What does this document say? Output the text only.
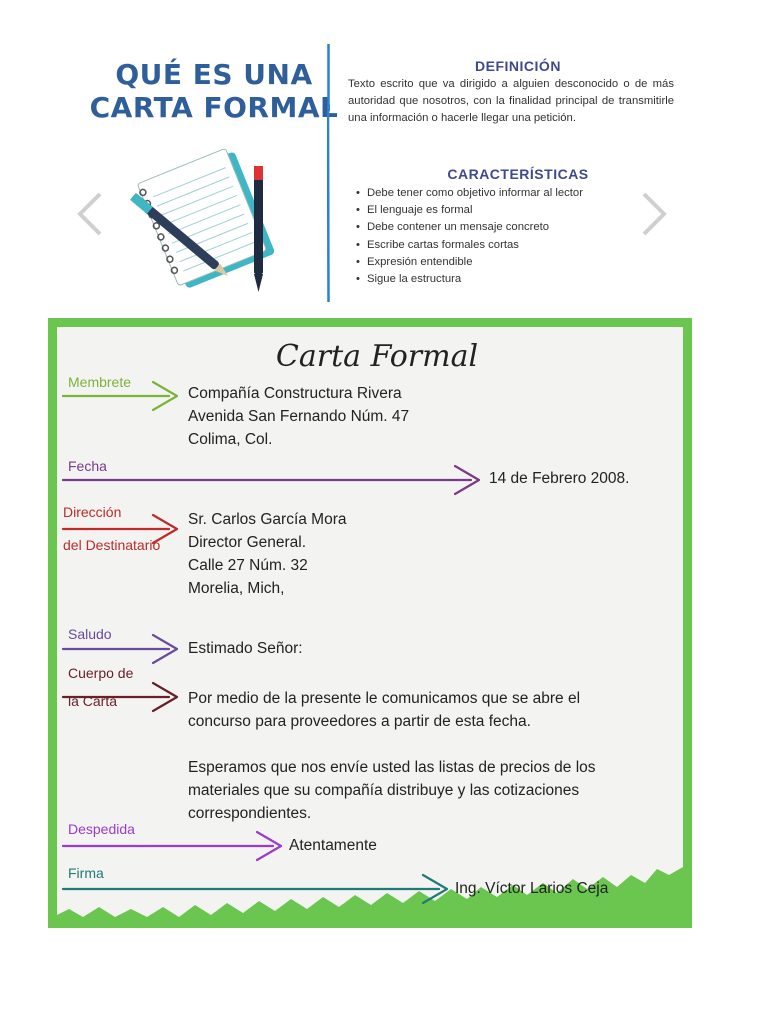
QUÉ ES UNA
CARTA FORMAL
DEFINICIÓN
Texto escrito que va dirigido a alguien desconocido o de más autoridad que nosotros, con la finalidad principal de transmitirle una información o hacerle llegar una petición.
CARACTERÍSTICAS
• Debe tener como objetivo informar al lector
• El lenguaje es formal
• Debe contener un mensaje concreto
• Escribe cartas formales cortas
• Expresión entendible
• Sigue la estructura
Carta Formal
Membrete
Fecha
Dirección
del Destinatario
Saludo
Cuerpo de
la Carta
Despedida
Firma
Compañía Constructura Rivera
Avenida San Fernando Núm. 47
Colima, Col.
14 de Febrero 2008.
Sr. Carlos García Mora
Director General.
Calle 27 Núm. 32
Morelia, Mich,
Estimado Señor:
Por medio de la presente le comunicamos que se abre el
concurso para proveedores a partir de esta fecha.
Esperamos que nos envíe usted las listas de precios de los
materiales que su compañía distribuye y las cotizaciones
correspondientes.
Atentamente
Ing. Víctor Larios Ceja
